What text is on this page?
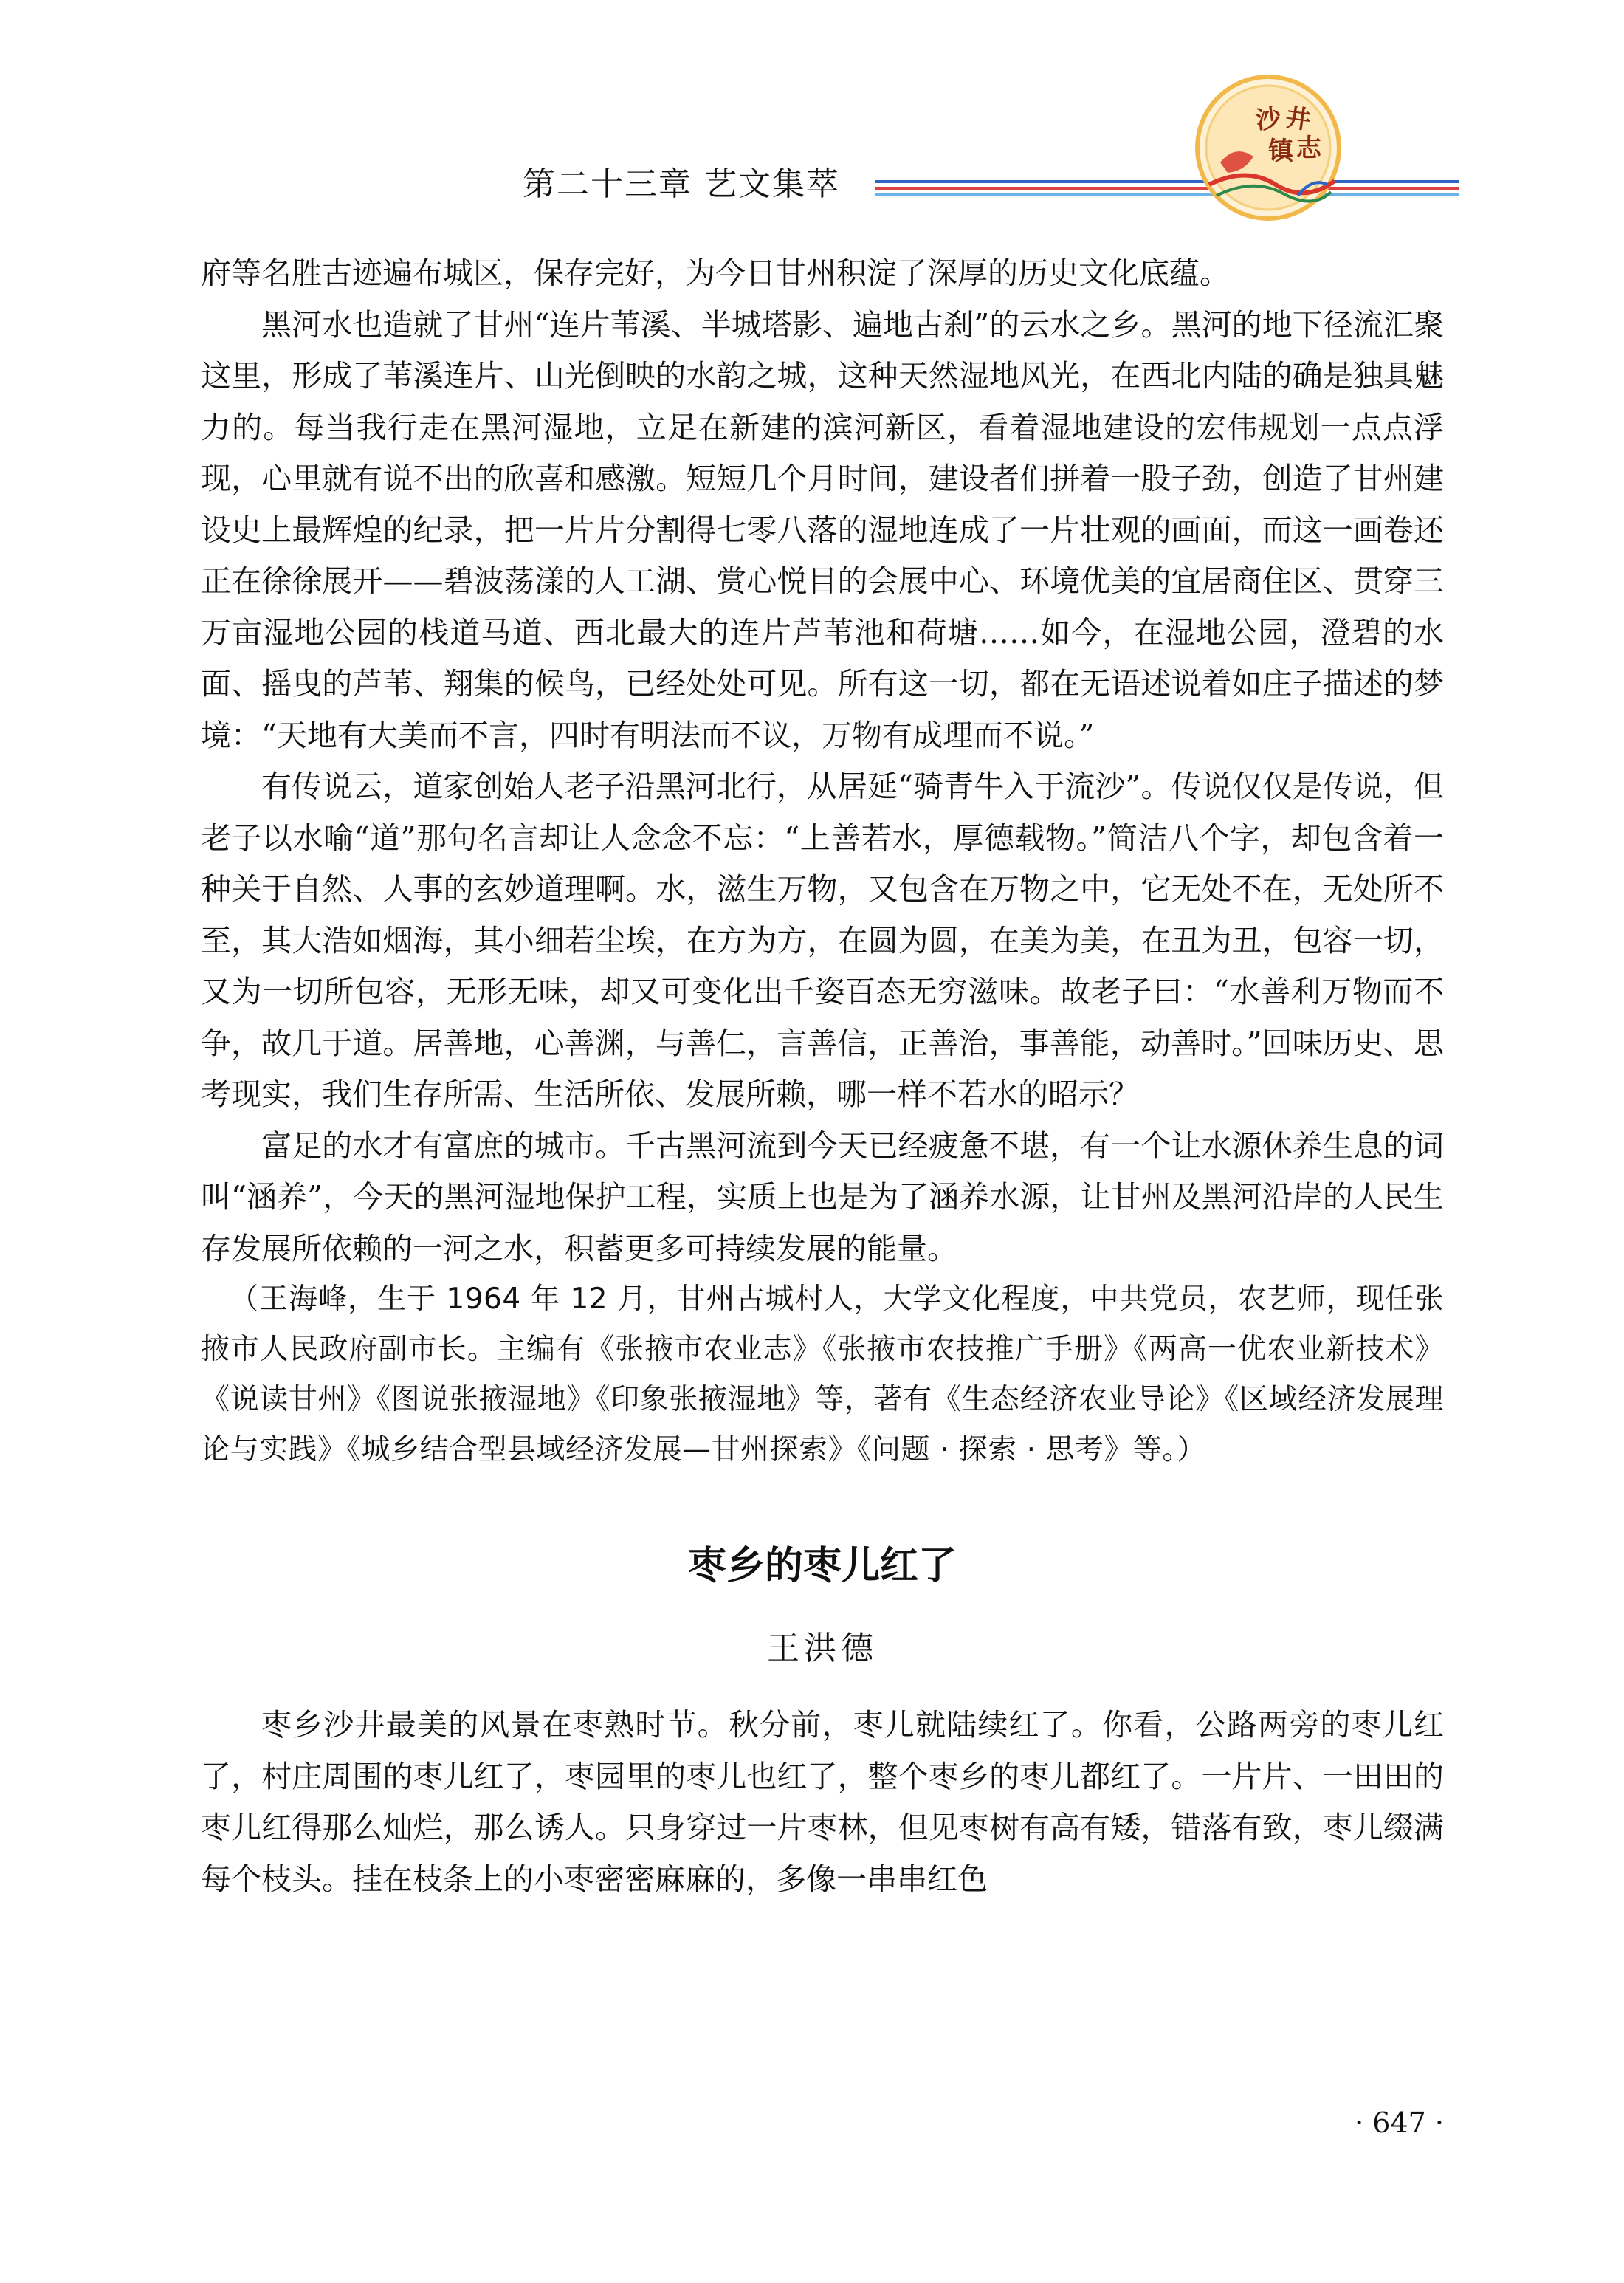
第二十三章 艺文集萃
沙 井
镇 志

府等名胜古迹遍布城区，保存完好，为今日甘州积淀了深厚的历史文化底蕴。

黑河水也造就了甘州“连片苇溪、半城塔影、遍地古刹”的云水之乡。黑河的地下径流汇聚这里，形成了苇溪连片、山光倒映的水韵之城，这种天然湿地风光，在西北内陆的确是独具魅力的。每当我行走在黑河湿地，立足在新建的滨河新区，看着湿地建设的宏伟规划一点点浮现，心里就有说不出的欣喜和感激。短短几个月时间，建设者们拼着一股子劲，创造了甘州建设史上最辉煌的纪录，把一片片分割得七零八落的湿地连成了一片壮观的画面，而这一画卷还正在徐徐展开——碧波荡漾的人工湖、赏心悦目的会展中心、环境优美的宜居商住区、贯穿三万亩湿地公园的栈道马道、西北最大的连片芦苇池和荷塘……如今，在湿地公园，澄碧的水面、摇曳的芦苇、翔集的候鸟，已经处处可见。所有这一切，都在无语述说着如庄子描述的梦境：“天地有大美而不言，四时有明法而不议，万物有成理而不说。”

有传说云，道家创始人老子沿黑河北行，从居延“骑青牛入于流沙”。传说仅仅是传说，但老子以水喻“道”那句名言却让人念念不忘：“上善若水，厚德载物。”简洁八个字，却包含着一种关于自然、人事的玄妙道理啊。水，滋生万物，又包含在万物之中，它无处不在，无处所不至，其大浩如烟海，其小细若尘埃，在方为方，在圆为圆，在美为美，在丑为丑，包容一切，又为一切所包容，无形无味，却又可变化出千姿百态无穷滋味。故老子曰：“水善利万物而不争，故几于道。居善地，心善渊，与善仁，言善信，正善治，事善能，动善时。”回味历史、思考现实，我们生存所需、生活所依、发展所赖，哪一样不若水的昭示？

富足的水才有富庶的城市。千古黑河流到今天已经疲惫不堪，有一个让水源休养生息的词叫“涵养”，今天的黑河湿地保护工程，实质上也是为了涵养水源，让甘州及黑河沿岸的人民生存发展所依赖的一河之水，积蓄更多可持续发展的能量。

（王海峰，生于 1964 年 12 月，甘州古城村人，大学文化程度，中共党员，农艺师，现任张掖市人民政府副市长。主编有《张掖市农业志》《张掖市农技推广手册》《两高一优农业新技术》《说读甘州》《图说张掖湿地》《印象张掖湿地》等，著有《生态经济农业导论》《区域经济发展理论与实践》《城乡结合型县域经济发展—甘州探索》《问题 · 探索 · 思考》等。）

枣乡的枣儿红了
王洪德

枣乡沙井最美的风景在枣熟时节。秋分前，枣儿就陆续红了。你看，公路两旁的枣儿红了，村庄周围的枣儿红了，枣园里的枣儿也红了，整个枣乡的枣儿都红了。一片片、一田田的枣儿红得那么灿烂，那么诱人。只身穿过一片枣林，但见枣树有高有矮，错落有致，枣儿缀满每个枝头。挂在枝条上的小枣密密麻麻的，多像一串串红色

· 647 ·
